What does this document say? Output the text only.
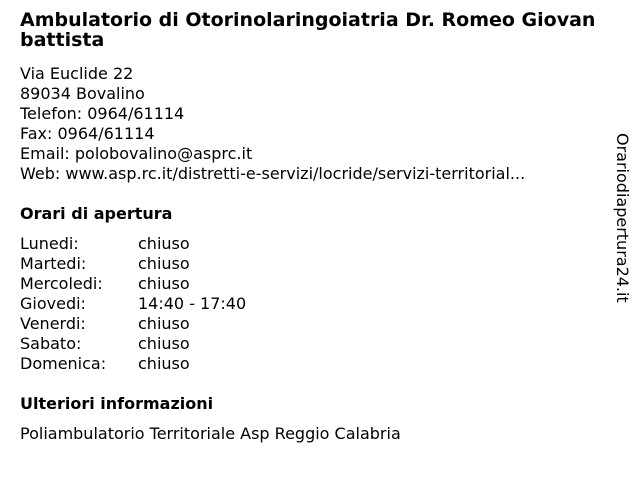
Ambulatorio di Otorinolaringoiatria Dr. Romeo Giovanbattista
Via Euclide 22
89034 Bovalino
Telefon: 0964/61114
Fax: 0964/61114
Email: polobovalino@asprc.it
Web: www.asp.rc.it/distretti-e-servizi/locride/servizi-territorial...
Orari di apertura
Lunedi:	chiuso
Martedi:	chiuso
Mercoledi:	chiuso
Giovedi:	14:40 - 17:40
Venerdi:	chiuso
Sabato:	chiuso
Domenica:	chiuso
Ulteriori informazioni
Poliambulatorio Territoriale Asp Reggio Calabria
Orariodiapertura24.it
